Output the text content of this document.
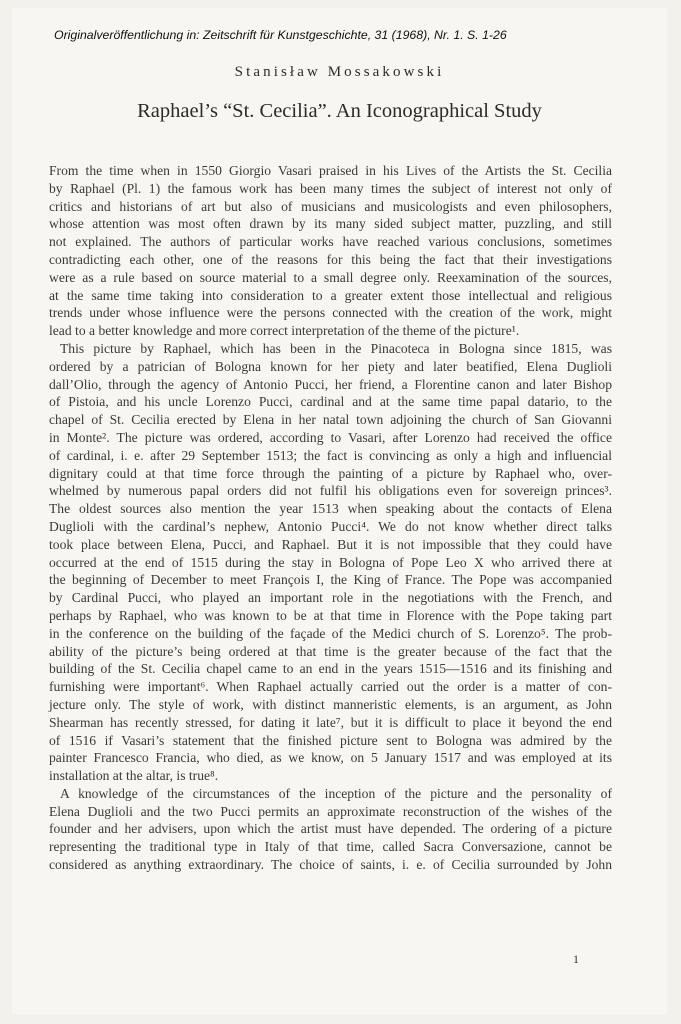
Originalveröffentlichung in: Zeitschrift für Kunstgeschichte, 31 (1968), Nr. 1. S. 1-26
Stanisław Mossakowski
Raphael’s “St. Cecilia”. An Iconographical Study
From the time when in 1550 Giorgio Vasari praised in his Lives of the Artists the St. Cecilia
by Raphael (Pl. 1) the famous work has been many times the subject of interest not only of
critics and historians of art but also of musicians and musicologists and even philosophers,
whose attention was most often drawn by its many sided subject matter, puzzling, and still
not explained. The authors of particular works have reached various conclusions, sometimes
contradicting each other, one of the reasons for this being the fact that their investigations
were as a rule based on source material to a small degree only. Reexamination of the sources,
at the same time taking into consideration to a greater extent those intellectual and religious
trends under whose influence were the persons connected with the creation of the work, might
lead to a better knowledge and more correct interpretation of the theme of the picture¹.
This picture by Raphael, which has been in the Pinacoteca in Bologna since 1815, was
ordered by a patrician of Bologna known for her piety and later beatified, Elena Duglioli
dall’Olio, through the agency of Antonio Pucci, her friend, a Florentine canon and later Bishop
of Pistoia, and his uncle Lorenzo Pucci, cardinal and at the same time papal datario, to the
chapel of St. Cecilia erected by Elena in her natal town adjoining the church of San Giovanni
in Monte². The picture was ordered, according to Vasari, after Lorenzo had received the office
of cardinal, i. e. after 29 September 1513; the fact is convincing as only a high and influencial
dignitary could at that time force through the painting of a picture by Raphael who, over-
whelmed by numerous papal orders did not fulfil his obligations even for sovereign princes³.
The oldest sources also mention the year 1513 when speaking about the contacts of Elena
Duglioli with the cardinal’s nephew, Antonio Pucci⁴. We do not know whether direct talks
took place between Elena, Pucci, and Raphael. But it is not impossible that they could have
occurred at the end of 1515 during the stay in Bologna of Pope Leo X who arrived there at
the beginning of December to meet François I, the King of France. The Pope was accompanied
by Cardinal Pucci, who played an important role in the negotiations with the French, and
perhaps by Raphael, who was known to be at that time in Florence with the Pope taking part
in the conference on the building of the façade of the Medici church of S. Lorenzo⁵. The prob-
ability of the picture’s being ordered at that time is the greater because of the fact that the
building of the St. Cecilia chapel came to an end in the years 1515—1516 and its finishing and
furnishing were important⁶. When Raphael actually carried out the order is a matter of con-
jecture only. The style of work, with distinct manneristic elements, is an argument, as John
Shearman has recently stressed, for dating it late⁷, but it is difficult to place it beyond the end
of 1516 if Vasari’s statement that the finished picture sent to Bologna was admired by the
painter Francesco Francia, who died, as we know, on 5 January 1517 and was employed at its
installation at the altar, is true⁸.
A knowledge of the circumstances of the inception of the picture and the personality of
Elena Duglioli and the two Pucci permits an approximate reconstruction of the wishes of the
founder and her advisers, upon which the artist must have depended. The ordering of a picture
representing the traditional type in Italy of that time, called Sacra Conversazione, cannot be
considered as anything extraordinary. The choice of saints, i. e. of Cecilia surrounded by John
1
